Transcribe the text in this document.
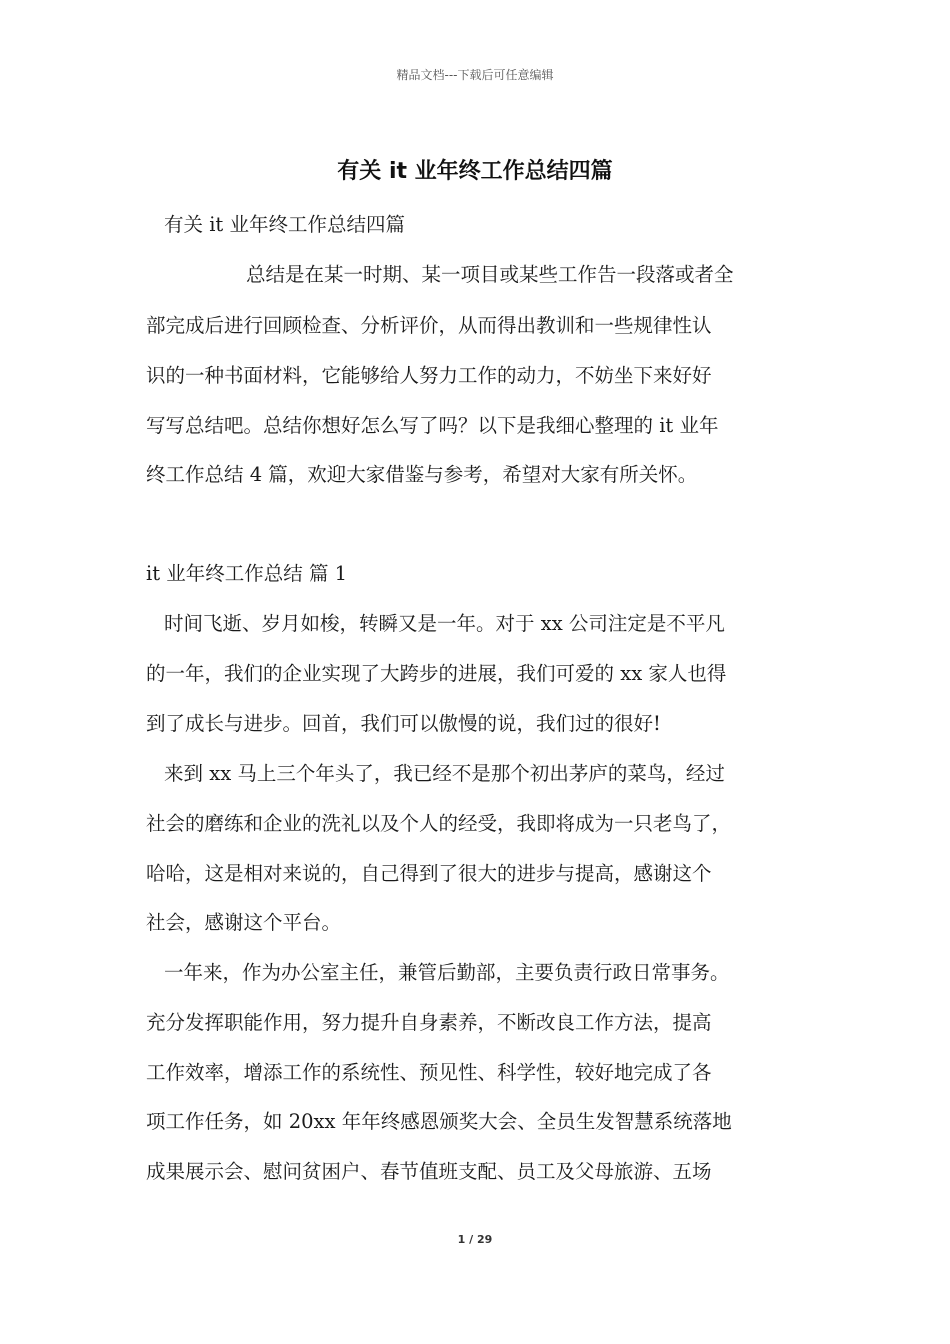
精品文档---下载后可任意编辑
有关 it 业年终工作总结四篇
有关 it 业年终工作总结四篇
总结是在某一时期、某一项目或某些工作告一段落或者全
部完成后进行回顾检查、分析评价，从而得出教训和一些规律性认
识的一种书面材料，它能够给人努力工作的动力，不妨坐下来好好
写写总结吧。总结你想好怎么写了吗？以下是我细心整理的 it 业年
终工作总结 4 篇，欢迎大家借鉴与参考，希望对大家有所关怀。
it 业年终工作总结 篇 1
时间飞逝、岁月如梭，转瞬又是一年。对于 xx 公司注定是不平凡
的一年，我们的企业实现了大跨步的进展，我们可爱的 xx 家人也得
到了成长与进步。回首，我们可以傲慢的说，我们过的很好!
来到 xx 马上三个年头了，我已经不是那个初出茅庐的菜鸟，经过
社会的磨练和企业的洗礼以及个人的经受，我即将成为一只老鸟了，
哈哈，这是相对来说的，自己得到了很大的进步与提高，感谢这个
社会，感谢这个平台。
一年来，作为办公室主任，兼管后勤部，主要负责行政日常事务。
充分发挥职能作用，努力提升自身素养，不断改良工作方法，提高
工作效率，增添工作的系统性、预见性、科学性，较好地完成了各
项工作任务，如 20xx 年年终感恩颁奖大会、全员生发智慧系统落地
成果展示会、慰问贫困户、春节值班支配、员工及父母旅游、五场
1 / 29
